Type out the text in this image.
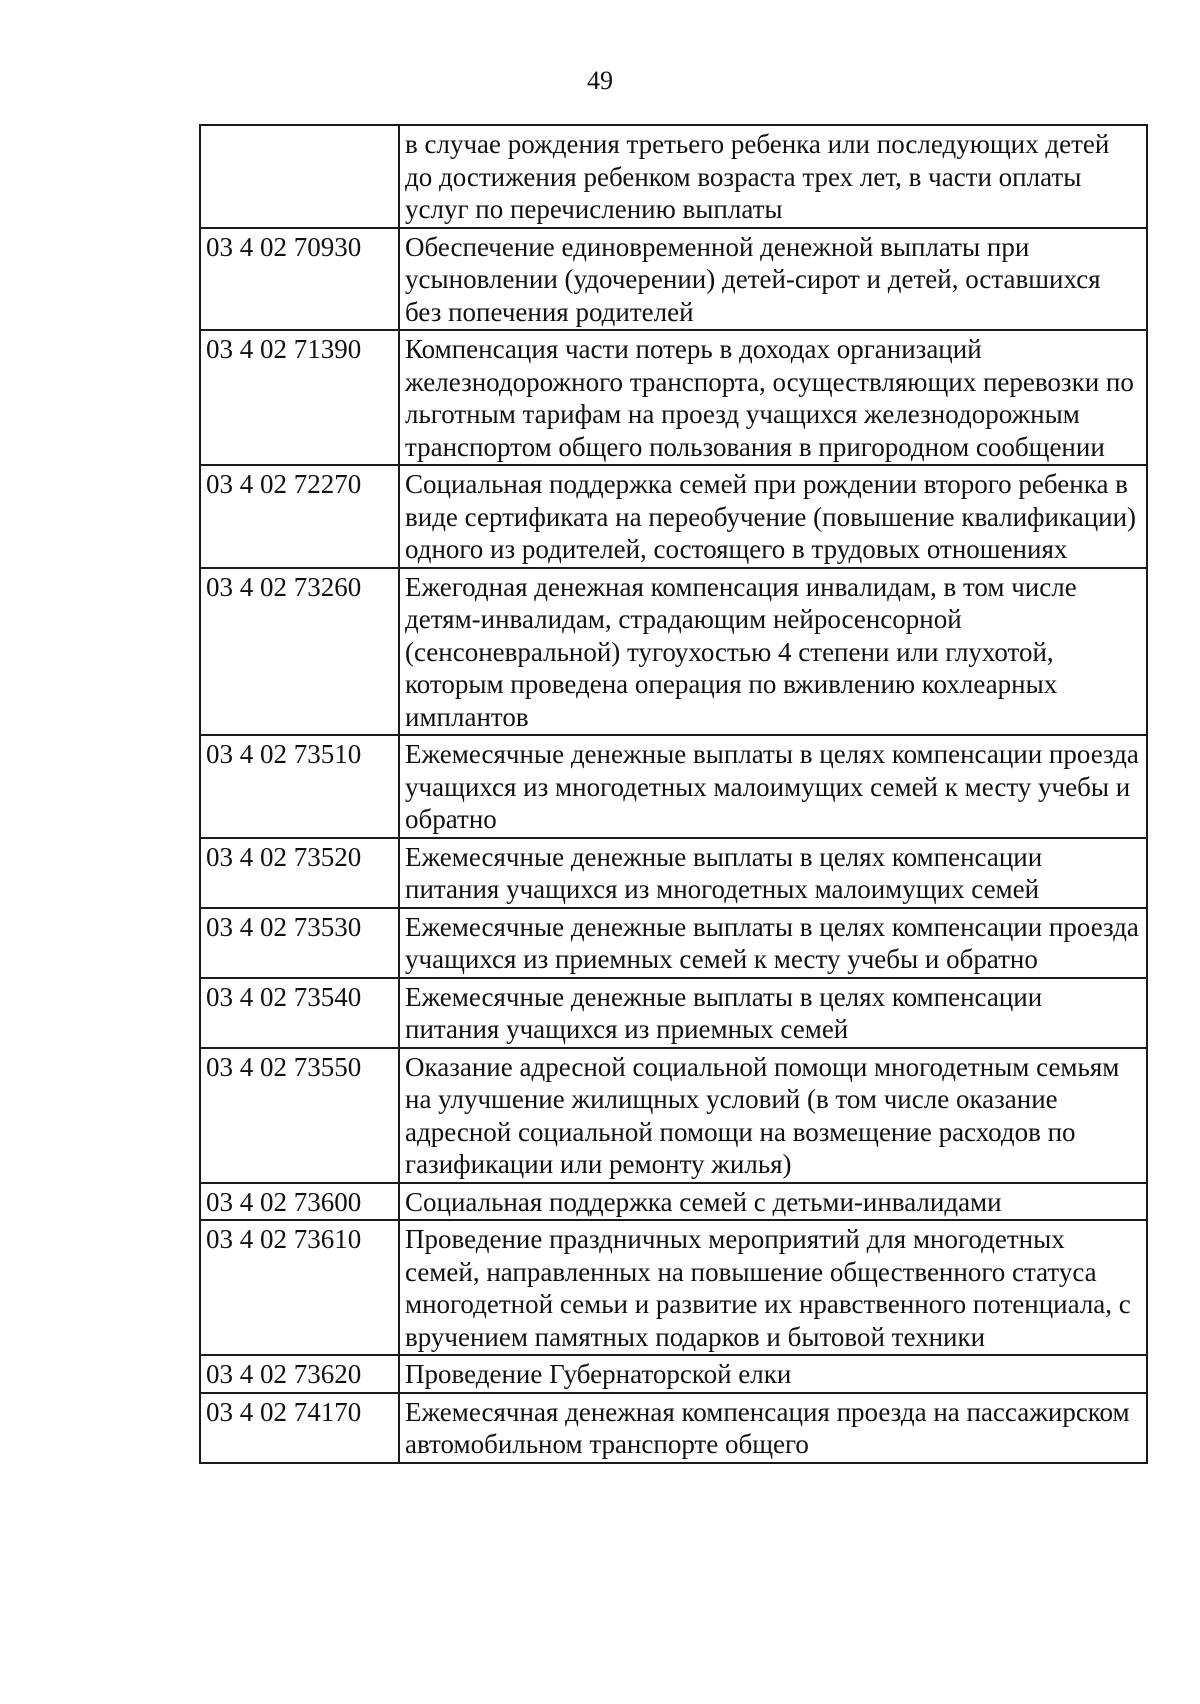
49
	в случае рождения третьего ребенка или последующих детей до достижения ребенком возраста трех лет, в части оплаты услуг по перечислению выплаты
03 4 02 70930	Обеспечение единовременной денежной выплаты при усыновлении (удочерении) детей-сирот и детей, оставшихся без попечения родителей
03 4 02 71390	Компенсация части потерь в доходах организаций железнодорожного транспорта, осуществляющих перевозки по льготным тарифам на проезд учащихся железнодорожным транспортом общего пользования в пригородном сообщении
03 4 02 72270	Социальная поддержка семей при рождении второго ребенка в виде сертификата на переобучение (повышение квалификации) одного из родителей, состоящего в трудовых отношениях
03 4 02 73260	Ежегодная денежная компенсация инвалидам, в том числе детям-инвалидам, страдающим нейросенсорной (сенсоневральной) тугоухостью 4 степени или глухотой, которым проведена операция по вживлению кохлеарных имплантов
03 4 02 73510	Ежемесячные денежные выплаты в целях компенсации проезда учащихся из многодетных малоимущих семей к месту учебы и обратно
03 4 02 73520	Ежемесячные денежные выплаты в целях компенсации питания учащихся из многодетных малоимущих семей
03 4 02 73530	Ежемесячные денежные выплаты в целях компенсации проезда учащихся из приемных семей к месту учебы и обратно
03 4 02 73540	Ежемесячные денежные выплаты в целях компенсации питания учащихся из приемных семей
03 4 02 73550	Оказание адресной социальной помощи многодетным семьям на улучшение жилищных условий (в том числе оказание адресной социальной помощи на возмещение расходов по газификации или ремонту жилья)
03 4 02 73600	Социальная поддержка семей с детьми-инвалидами
03 4 02 73610	Проведение праздничных мероприятий для многодетных семей, направленных на повышение общественного статуса многодетной семьи и развитие их нравственного потенциала, с вручением памятных подарков и бытовой техники
03 4 02 73620	Проведение Губернаторской елки
03 4 02 74170	Ежемесячная денежная компенсация проезда на пассажирском автомобильном транспорте общего
